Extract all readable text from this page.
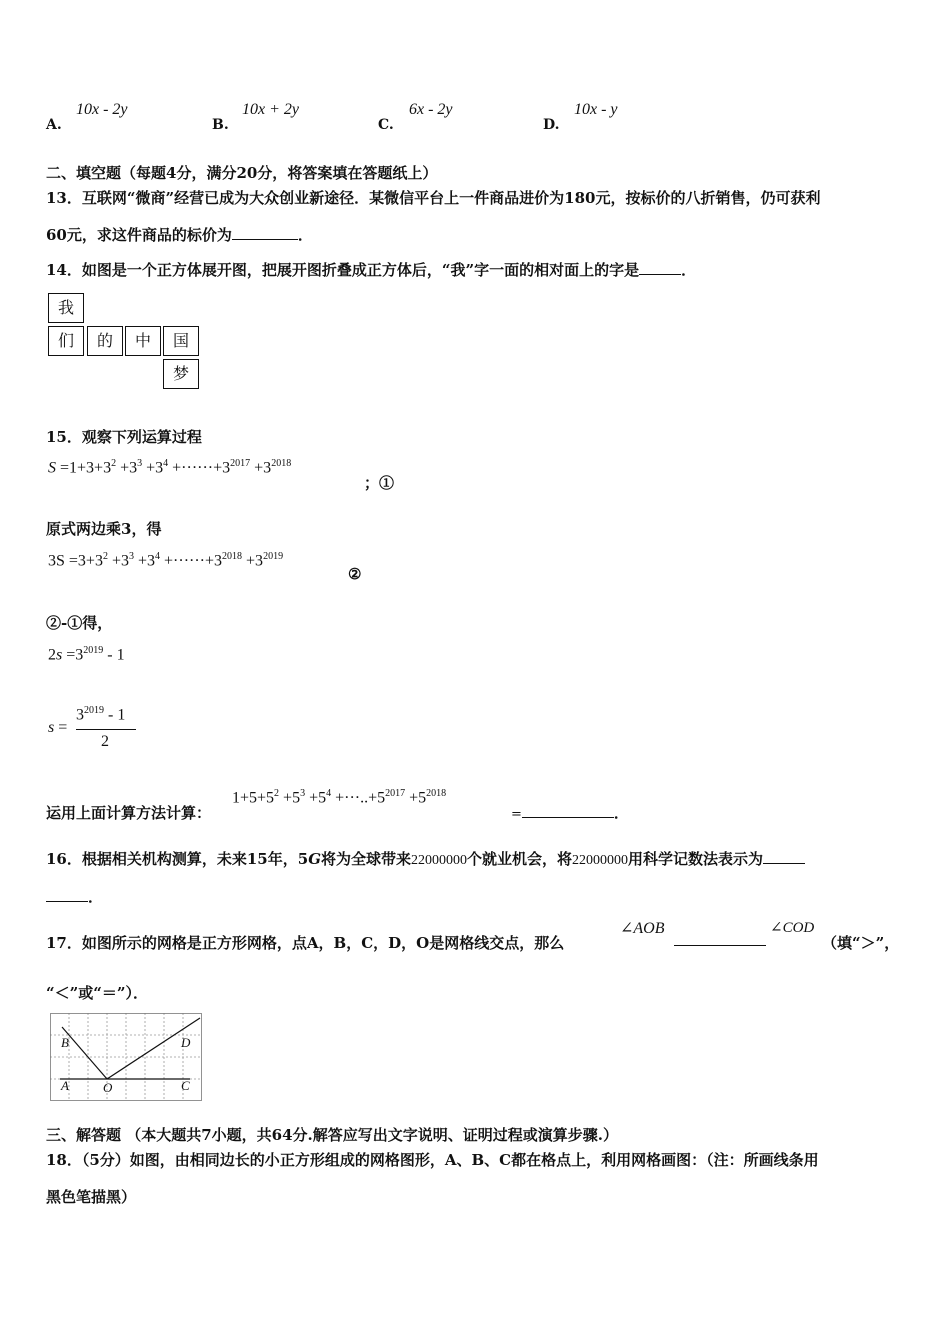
A.
10x - 2y
B.
10x + 2y
C.
6x - 2y
D.
10x - y
二、填空题（每题4分，满分20分，将答案填在答题纸上）
13．互联网“微商”经营已成为大众创业新途径．某微信平台上一件商品进价为180元，按标价的八折销售，仍可获利
60元，求这件商品的标价为	．
14．如图是一个正方体展开图，把展开图折叠成正方体后，“我”字一面的相对面上的字是	．
我
们	的	中	国
梦
15．观察下列运算过程
$S =1+3+3^2 +3^3 +3^4 +\cdot\cdot\cdot\cdot\cdot\cdot+3^{2017} +3^{2018}$
；①
原式两边乘3，得
$3S =3+3^2 +3^3 +3^4 +\cdot\cdot\cdot\cdot\cdot\cdot+3^{2018} +3^{2019}$
②
②-①得，
$2s =3^{2019} - 1$
s =
$3^{2019} - 1$
2
运用上面计算方法计算：
$1+5+5^2 +5^3 +5^4 +\cdot\cdot\cdot..+5^{2017} +5^{2018}$
=	．
16．根据相关机构测算，未来15年，5G将为全球带来22000000个就业机会，将22000000用科学记数法表示为
．
17．如图所示的网格是正方形网格，点A，B，C，D，O是网格线交点，那么
∠AOB	∠COD
（填“＞”，
“＜”或“＝”）．
B	D
A	O	C
三、解答题 （本大题共7小题，共64分.解答应写出文字说明、证明过程或演算步骤.）
18．（5分）如图，由相同边长的小正方形组成的网格图形，A、B、C都在格点上，利用网格画图：（注：所画线条用
黑色笔描黑）
